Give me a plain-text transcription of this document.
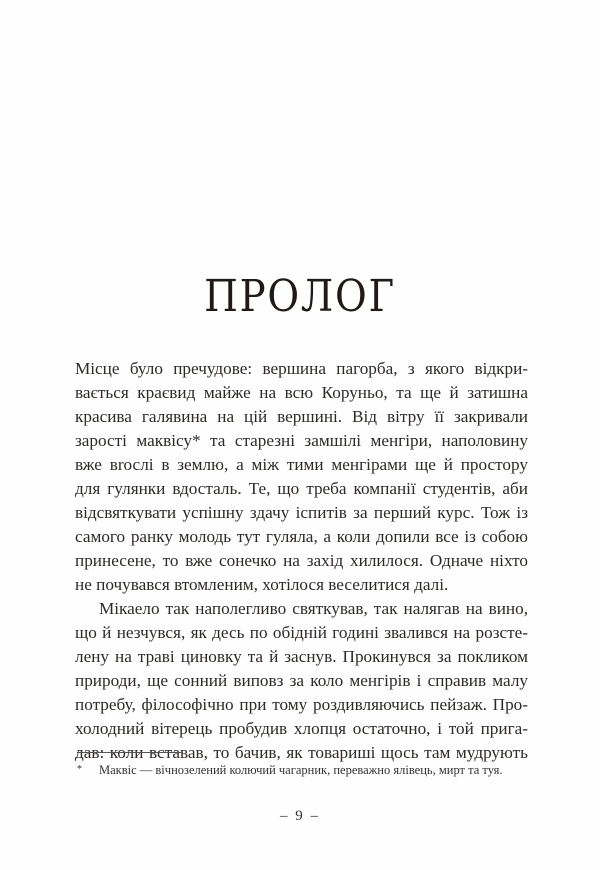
ПРОЛОГ
Місце було пречудове: вершина пагорба, з якого відкри-
вається краєвид майже на всю Коруньо, та ще й затишна
красива галявина на цій вершині. Від вітру її закривали
зарості маквісу* та старезні замшілі менгіри, наполовину
вже вrослі в землю, а між тими менгірами ще й простору
для гулянки вдосталь. Те, що треба компанії студентів, аби
відсвяткувати успішну здачу іспитів за перший курс. Тож із
самого ранку молодь тут гуляла, а коли допили все із собою
принесене, то вже сонечко на захід хилилося. Одначе ніхто
не почувався втомленим, хотілося веселитися далі.
Мікаело так наполегливо святкував, так налягав на вино,
що й незчувся, як десь по обідній годині звалився на розсте-
лену на траві циновку та й заснув. Прокинувся за покликом
природи, ще сонний виповз за коло менгірів і справив малу
потребу, філософічно при тому роздивляючись пейзаж. Про-
холодний вітерець пробудив хлопця остаточно, і той прига-
дав: коли вставав, то бачив, як товариші щось там мудрують
* Маквіс — вічнозелений колючий чагарник, переважно ялівець, мирт та туя.
– 9 –
